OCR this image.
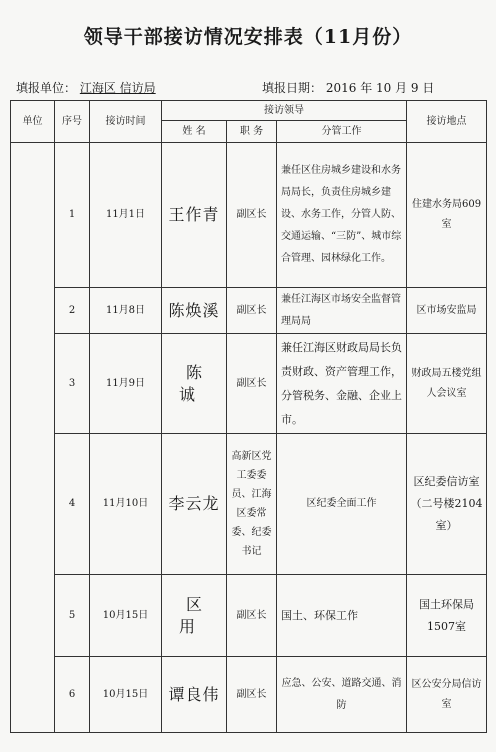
领导干部接访情况安排表（11月份）
填报单位： 江海区 信访局	填报日期： 2016 年 10 月 9 日
单位	序号	接访时间	接访领导			接访地点
			姓 名	职 务	分管工作	
	1	11月1日	王作青	副区长	兼任区住房城乡建设和水务局局长，负责住房城乡建设、水务工作，分管人防、交通运输、“三防”、城市综合管理、园林绿化工作。	住建水务局609室
	2	11月8日	陈焕溪	副区长	兼任江海区市场安全监督管理局局	区市场安监局
	3	11月9日	陈 诚	副区长	兼任江海区财政局局长负责财政、资产管理工作，分管税务、金融、企业上市。	财政局五楼党组人会议室
	4	11月10日	李云龙	高新区党工委委员、江海区委常委、纪委书记	区纪委全面工作	区纪委信访室（二号楼2104室）
	5	10月15日	区 用	副区长	国土、环保工作	国土环保局1507室
	6	10月15日	谭良伟	副区长	应急、公安、道路交通、消防	区公安分局信访室
